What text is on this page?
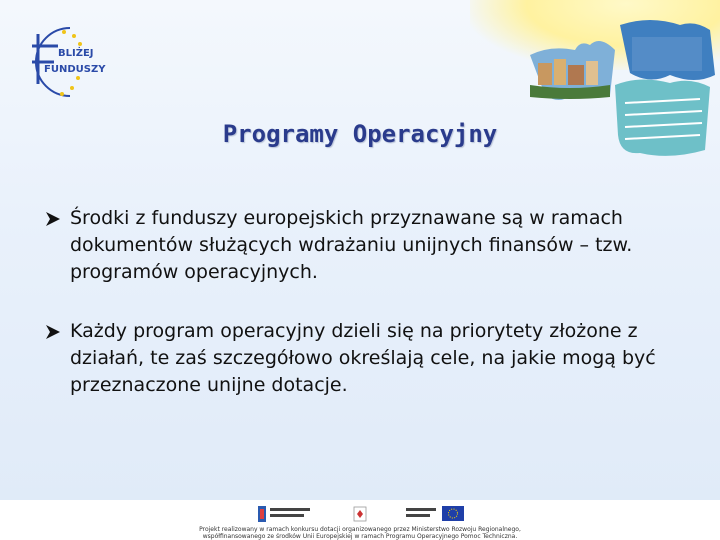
BLIŻEJ
FUNDUSZY
Programy Operacyjny
Środki z funduszy europejskich przyznawane są w ramach dokumentów służących wdrażaniu unijnych finansów – tzw. programów operacyjnych.
Każdy program operacyjny dzieli się na priorytety złożone z działań, te zaś szczegółowo określają cele, na jakie mogą być przeznaczone unijne dotacje.
Projekt realizowany w ramach konkursu dotacji organizowanego przez Ministerstwo Rozwoju Regionalnego,
współfinansowanego ze środków Unii Europejskiej w ramach Programu Operacyjnego Pomoc Techniczna.
